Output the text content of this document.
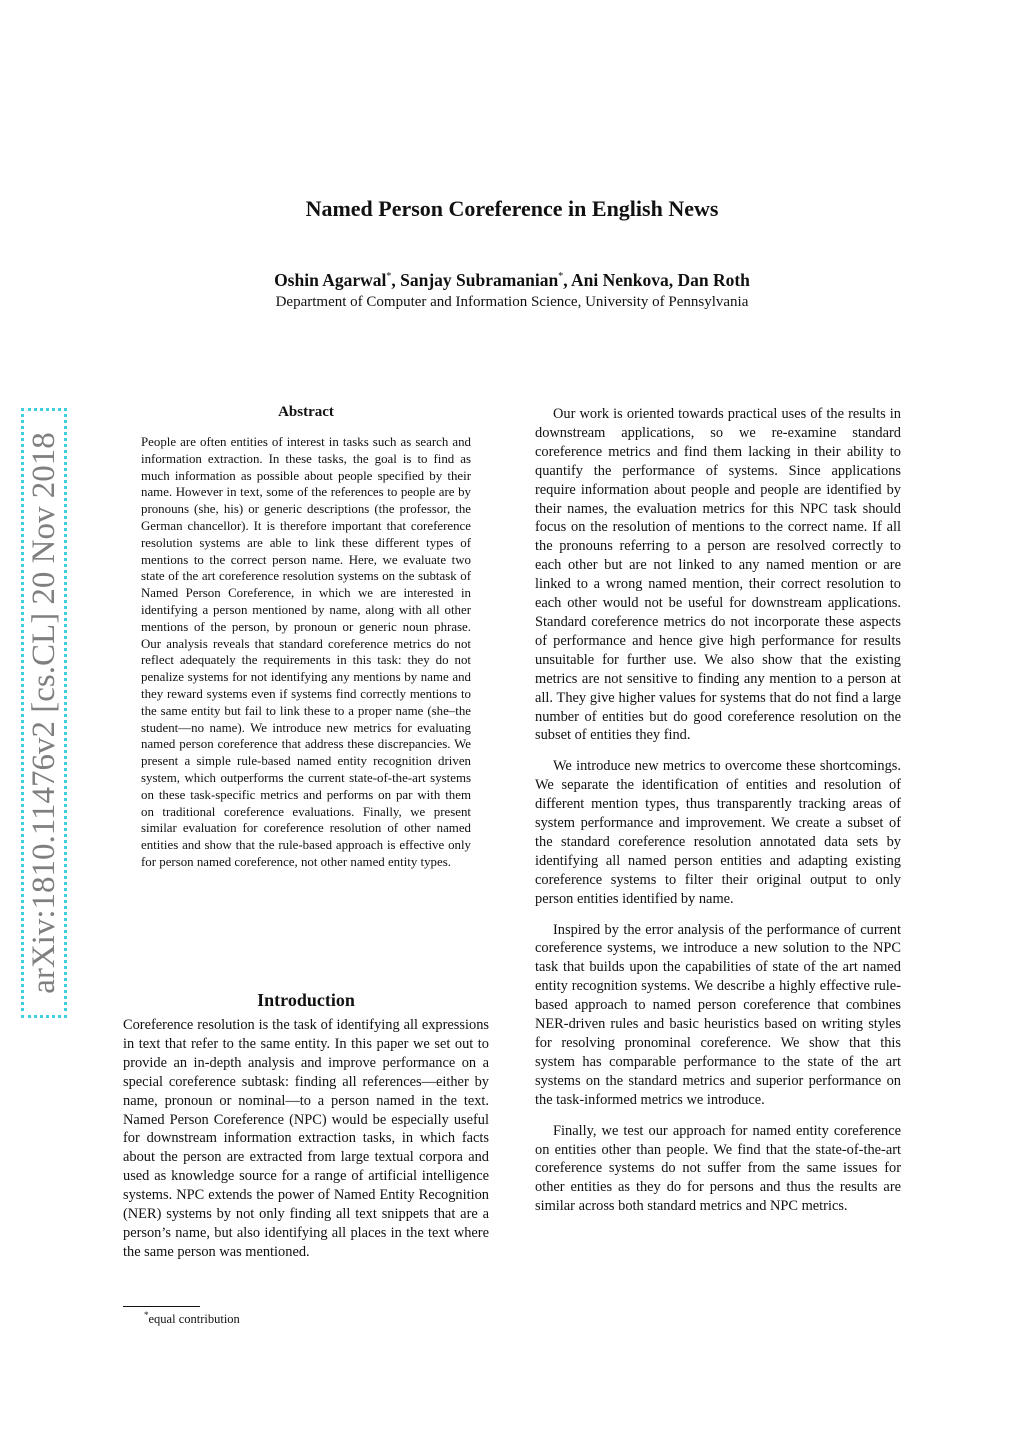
Named Person Coreference in English News
Oshin Agarwal*, Sanjay Subramanian*, Ani Nenkova, Dan Roth
Department of Computer and Information Science, University of Pennsylvania
arXiv:1810.11476v2 [cs.CL] 20 Nov 2018
Abstract

People are often entities of interest in tasks such as search and information extraction. In these tasks, the goal is to find as much information as possible about people specified by their name. However in text, some of the references to people are by pronouns (she, his) or generic descriptions (the professor, the German chancellor). It is therefore important that coreference resolution systems are able to link these different types of mentions to the correct person name. Here, we evaluate two state of the art coreference resolution systems on the subtask of Named Person Coreference, in which we are interested in identifying a person mentioned by name, along with all other mentions of the person, by pronoun or generic noun phrase. Our analysis reveals that standard coreference metrics do not reflect adequately the requirements in this task: they do not penalize systems for not identifying any mentions by name and they reward systems even if systems find correctly mentions to the same entity but fail to link these to a proper name (she–the student—no name). We introduce new metrics for evaluating named person coreference that address these discrepancies. We present a simple rule-based named entity recognition driven system, which outperforms the current state-of-the-art systems on these task-specific metrics and performs on par with them on traditional coreference evaluations. Finally, we present similar evaluation for coreference resolution of other named entities and show that the rule-based approach is effective only for person named coreference, not other named entity types.

Introduction

Coreference resolution is the task of identifying all expressions in text that refer to the same entity. In this paper we set out to provide an in-depth analysis and improve performance on a special coreference subtask: finding all references—either by name, pronoun or nominal—to a person named in the text. Named Person Coreference (NPC) would be especially useful for downstream information extraction tasks, in which facts about the person are extracted from large textual corpora and used as knowledge source for a range of artificial intelligence systems. NPC extends the power of Named Entity Recognition (NER) systems by not only finding all text snippets that are a person’s name, but also identifying all places in the text where the same person was mentioned.

*equal contribution

Our work is oriented towards practical uses of the results in downstream applications, so we re-examine standard coreference metrics and find them lacking in their ability to quantify the performance of systems. Since applications require information about people and people are identified by their names, the evaluation metrics for this NPC task should focus on the resolution of mentions to the correct name. If all the pronouns referring to a person are resolved correctly to each other but are not linked to any named mention or are linked to a wrong named mention, their correct resolution to each other would not be useful for downstream applications. Standard coreference metrics do not incorporate these aspects of performance and hence give high performance for results unsuitable for further use. We also show that the existing metrics are not sensitive to finding any mention to a person at all. They give higher values for systems that do not find a large number of entities but do good coreference resolution on the subset of entities they find.

We introduce new metrics to overcome these shortcomings. We separate the identification of entities and resolution of different mention types, thus transparently tracking areas of system performance and improvement. We create a subset of the standard coreference resolution annotated data sets by identifying all named person entities and adapting existing coreference systems to filter their original output to only person entities identified by name.

Inspired by the error analysis of the performance of current coreference systems, we introduce a new solution to the NPC task that builds upon the capabilities of state of the art named entity recognition systems. We describe a highly effective rule-based approach to named person coreference that combines NER-driven rules and basic heuristics based on writing styles for resolving pronominal coreference. We show that this system has comparable performance to the state of the art systems on the standard metrics and superior performance on the task-informed metrics we introduce.

Finally, we test our approach for named entity coreference on entities other than people. We find that the state-of-the-art coreference systems do not suffer from the same issues for other entities as they do for persons and thus the results are similar across both standard metrics and NPC metrics.
